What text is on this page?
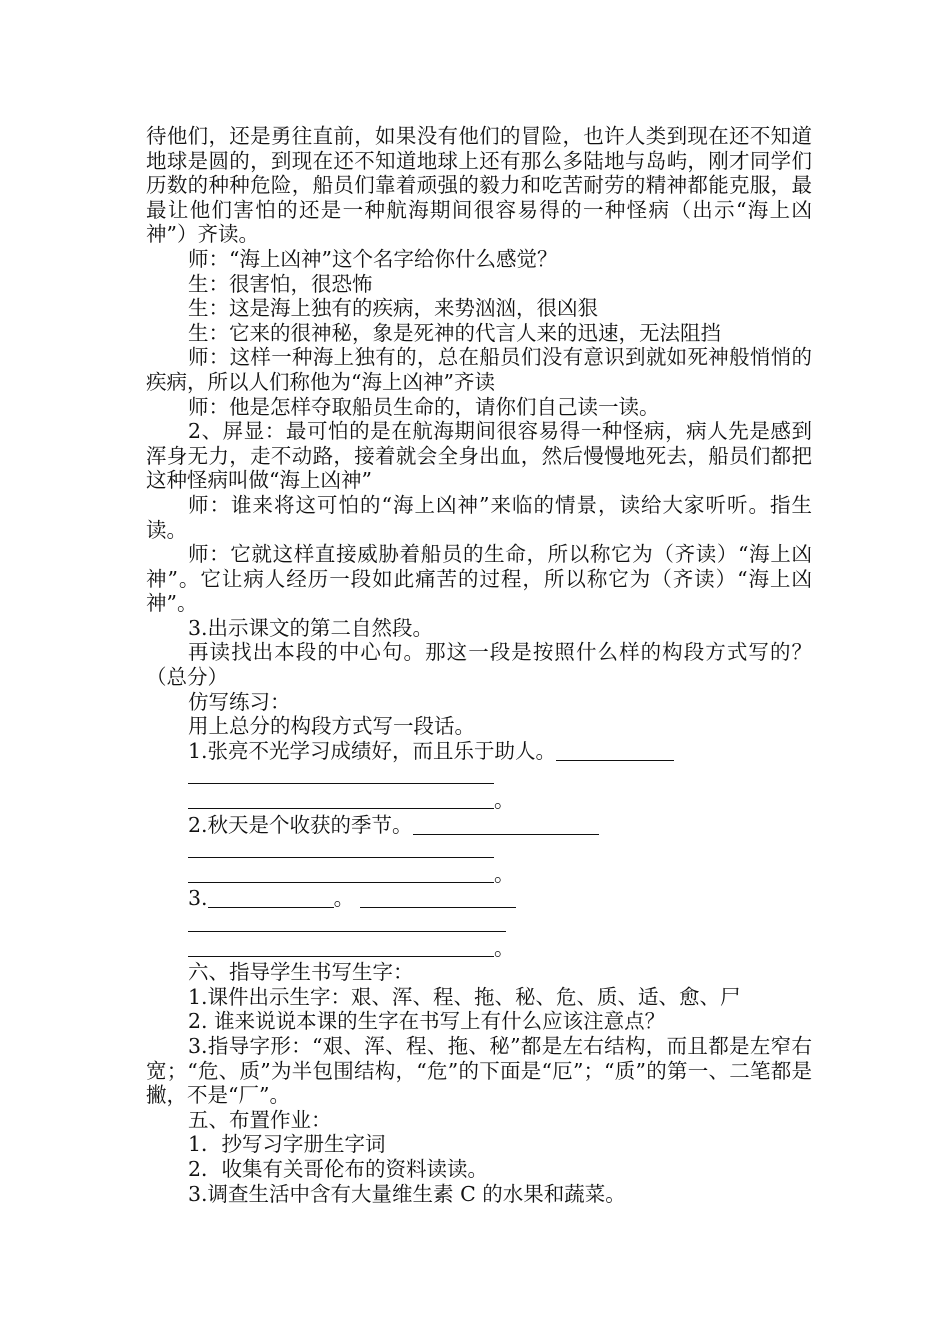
待他们，还是勇往直前，如果没有他们的冒险，也许人类到现在还不知道地球是圆的，到现在还不知道地球上还有那么多陆地与岛屿，刚才同学们历数的种种危险，船员们靠着顽强的毅力和吃苦耐劳的精神都能克服，最最让他们害怕的还是一种航海期间很容易得的一种怪病（出示“海上凶神”）齐读。

师：“海上凶神”这个名字给你什么感觉？

生：很害怕，很恐怖

生：这是海上独有的疾病，来势汹汹，很凶狠

生：它来的很神秘，象是死神的代言人来的迅速，无法阻挡

师：这样一种海上独有的，总在船员们没有意识到就如死神般悄悄的疾病，所以人们称他为“海上凶神”齐读

师：他是怎样夺取船员生命的，请你们自己读一读。

2、屏显：最可怕的是在航海期间很容易得一种怪病，病人先是感到浑身无力，走不动路，接着就会全身出血，然后慢慢地死去，船员们都把这种怪病叫做“海上凶神”

师：谁来将这可怕的“海上凶神”来临的情景，读给大家听听。指生读。

师：它就这样直接威胁着船员的生命，所以称它为（齐读）“海上凶神”。它让病人经历一段如此痛苦的过程，所以称它为（齐读）“海上凶神”。

3.出示课文的第二自然段。

再读找出本段的中心句。那这一段是按照什么样的构段方式写的？（总分）

仿写练习：

用上总分的构段方式写一段话。

1.张亮不光学习成绩好，而且乐于助人。
。
2.秋天是个收获的季节。
。
3.	。
。

六、指导学生书写生字：

1.课件出示生字：艰、浑、程、拖、秘、危、质、适、愈、尸

2. 谁来说说本课的生字在书写上有什么应该注意点？

3.指导字形：“艰、浑、程、拖、秘”都是左右结构，而且都是左窄右宽；“危、质”为半包围结构，“危”的下面是“厄”；“质”的第一、二笔都是撇，不是“厂”。

五、布置作业：

1．抄写习字册生字词

2．收集有关哥伦布的资料读读。

3.调查生活中含有大量维生素 C 的水果和蔬菜。
